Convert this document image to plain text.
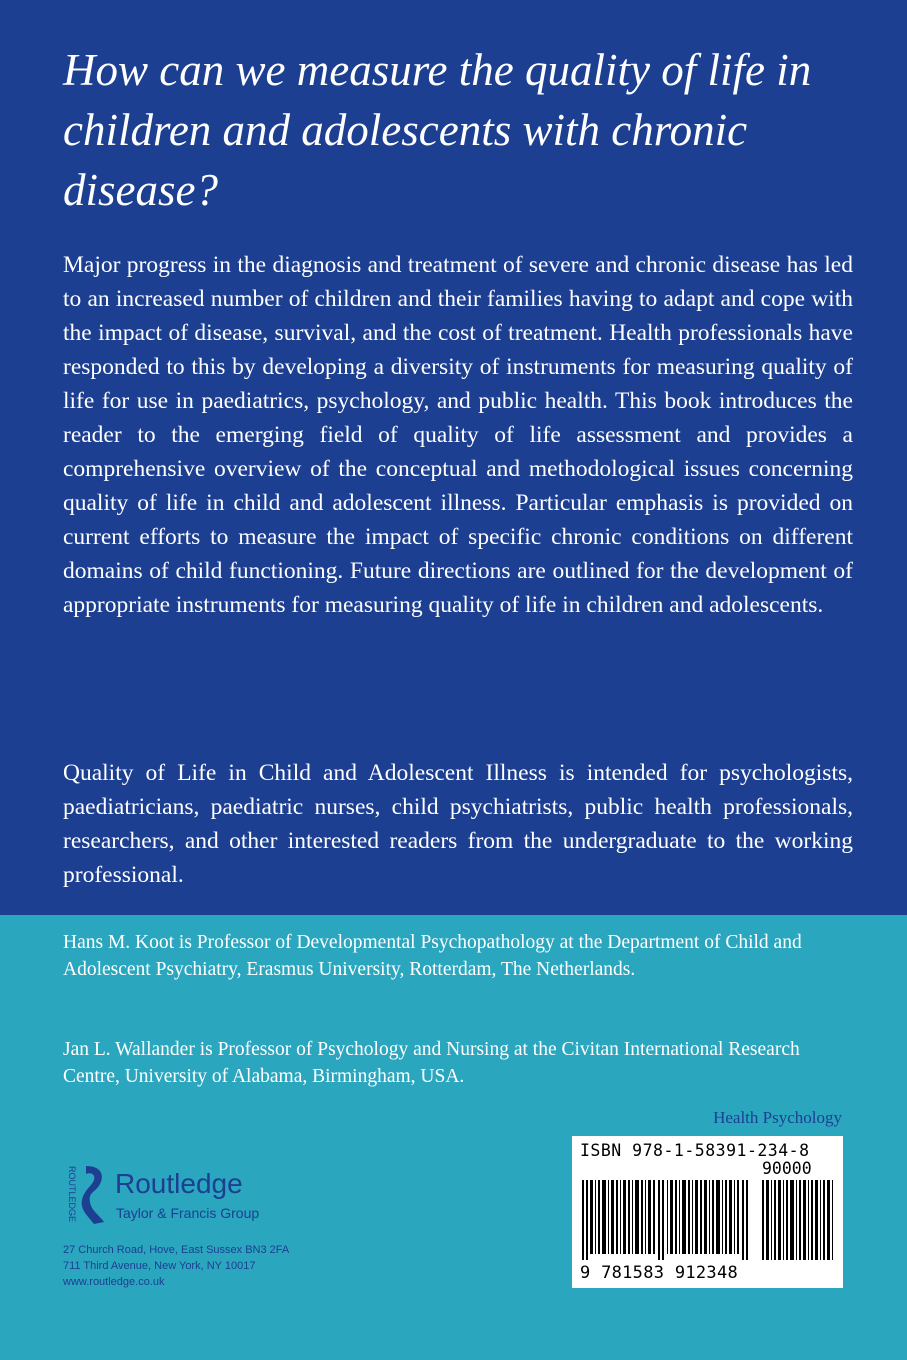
How can we measure the quality of life in children and adolescents with chronic disease?

Major progress in the diagnosis and treatment of severe and chronic disease has led to an increased number of children and their families having to adapt and cope with the impact of disease, survival, and the cost of treatment. Health professionals have responded to this by developing a diversity of instruments for measuring quality of life for use in paediatrics, psychology, and public health. This book introduces the reader to the emerging field of quality of life assessment and provides a comprehensive overview of the conceptual and methodological issues concerning quality of life in child and adolescent illness. Particular emphasis is provided on current efforts to measure the impact of specific chronic conditions on different domains of child functioning. Future directions are outlined for the development of appropriate instruments for measuring quality of life in children and adolescents.

Quality of Life in Child and Adolescent Illness is intended for psychologists, paediatricians, paediatric nurses, child psychiatrists, public health professionals, researchers, and other interested readers from the undergraduate to the working professional.

Hans M. Koot is Professor of Developmental Psychopathology at the Department of Child and Adolescent Psychiatry, Erasmus University, Rotterdam, The Netherlands.

Jan L. Wallander is Professor of Psychology and Nursing at the Civitan International Research Centre, University of Alabama, Birmingham, USA.

Health Psychology

ISBN 978-1-58391-234-8

90000

9 781583 912348

ROUTLEDGE Routledge

Taylor & Francis Group

27 Church Road, Hove, East Sussex BN3 2FA

711 Third Avenue, New York, NY 10017

www.routledge.co.uk
